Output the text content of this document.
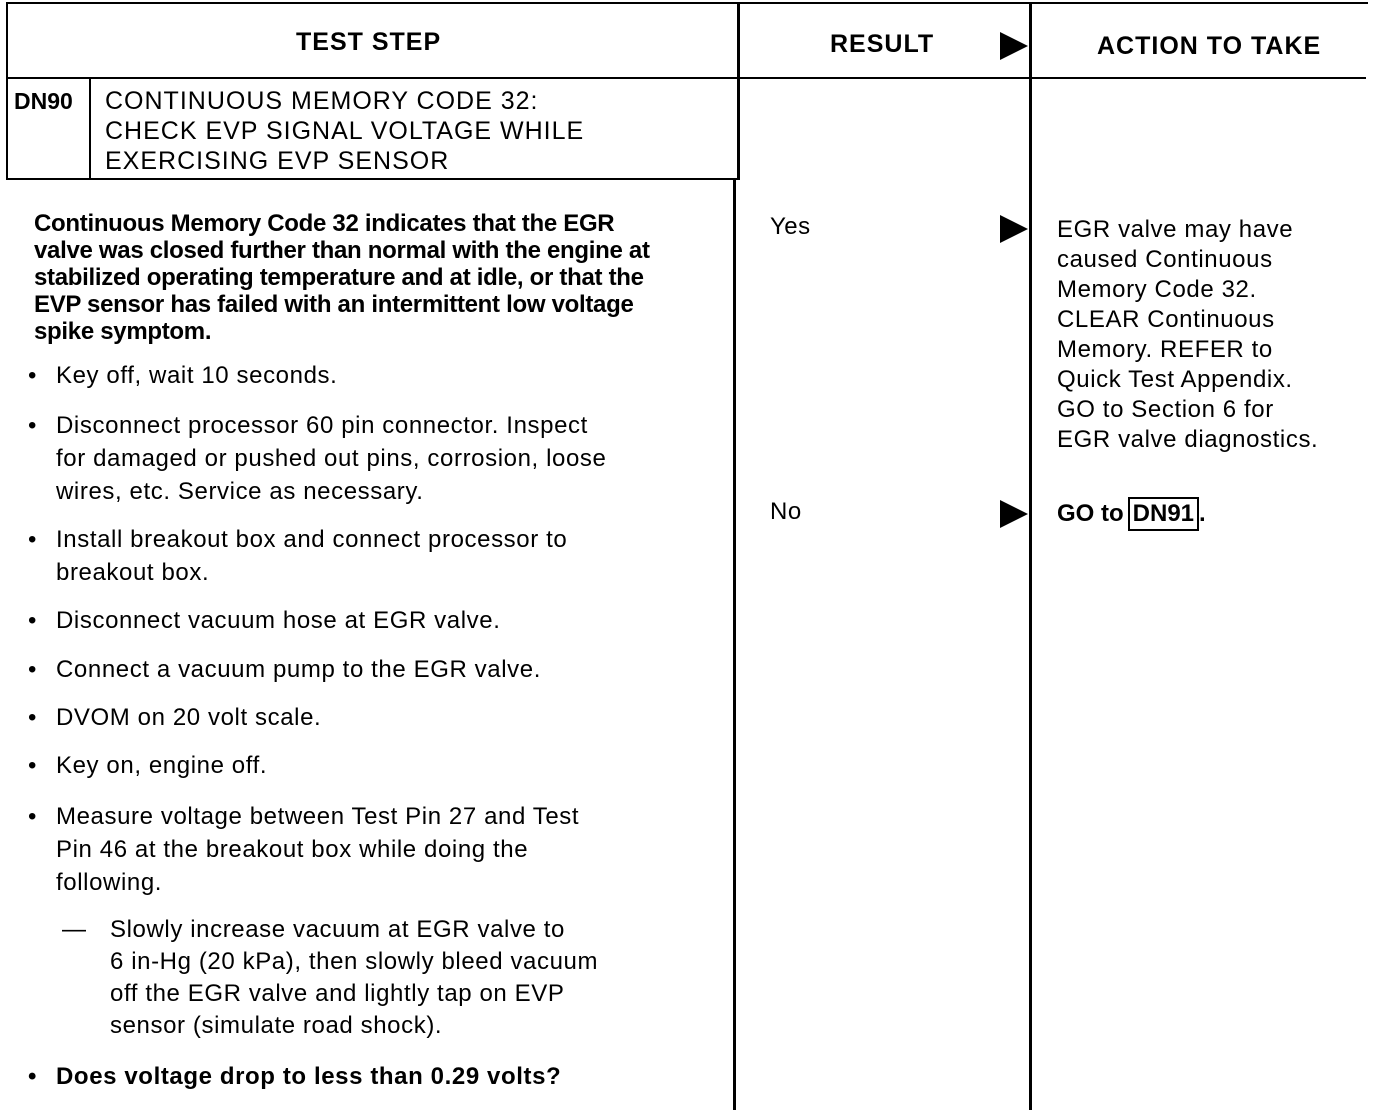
TEST STEP	RESULT	ACTION TO TAKE
DN90 CONTINUOUS MEMORY CODE 32:
CHECK EVP SIGNAL VOLTAGE WHILE
EXERCISING EVP SENSOR
Continuous Memory Code 32 indicates that the EGR
valve was closed further than normal with the engine at
stabilized operating temperature and at idle, or that the
EVP sensor has failed with an intermittent low voltage
spike symptom.
• Key off, wait 10 seconds.
• Disconnect processor 60 pin connector. Inspect
for damaged or pushed out pins, corrosion, loose
wires, etc. Service as necessary.
• Install breakout box and connect processor to
breakout box.
• Disconnect vacuum hose at EGR valve.
• Connect a vacuum pump to the EGR valve.
• DVOM on 20 volt scale.
• Key on, engine off.
• Measure voltage between Test Pin 27 and Test
Pin 46 at the breakout box while doing the
following.
— Slowly increase vacuum at EGR valve to
6 in-Hg (20 kPa), then slowly bleed vacuum
off the EGR valve and lightly tap on EVP
sensor (simulate road shock).
• Does voltage drop to less than 0.29 volts?
Yes	EGR valve may have
caused Continuous
Memory Code 32.
CLEAR Continuous
Memory. REFER to
Quick Test Appendix.
GO to Section 6 for
EGR valve diagnostics.
No	GO to DN91 .
